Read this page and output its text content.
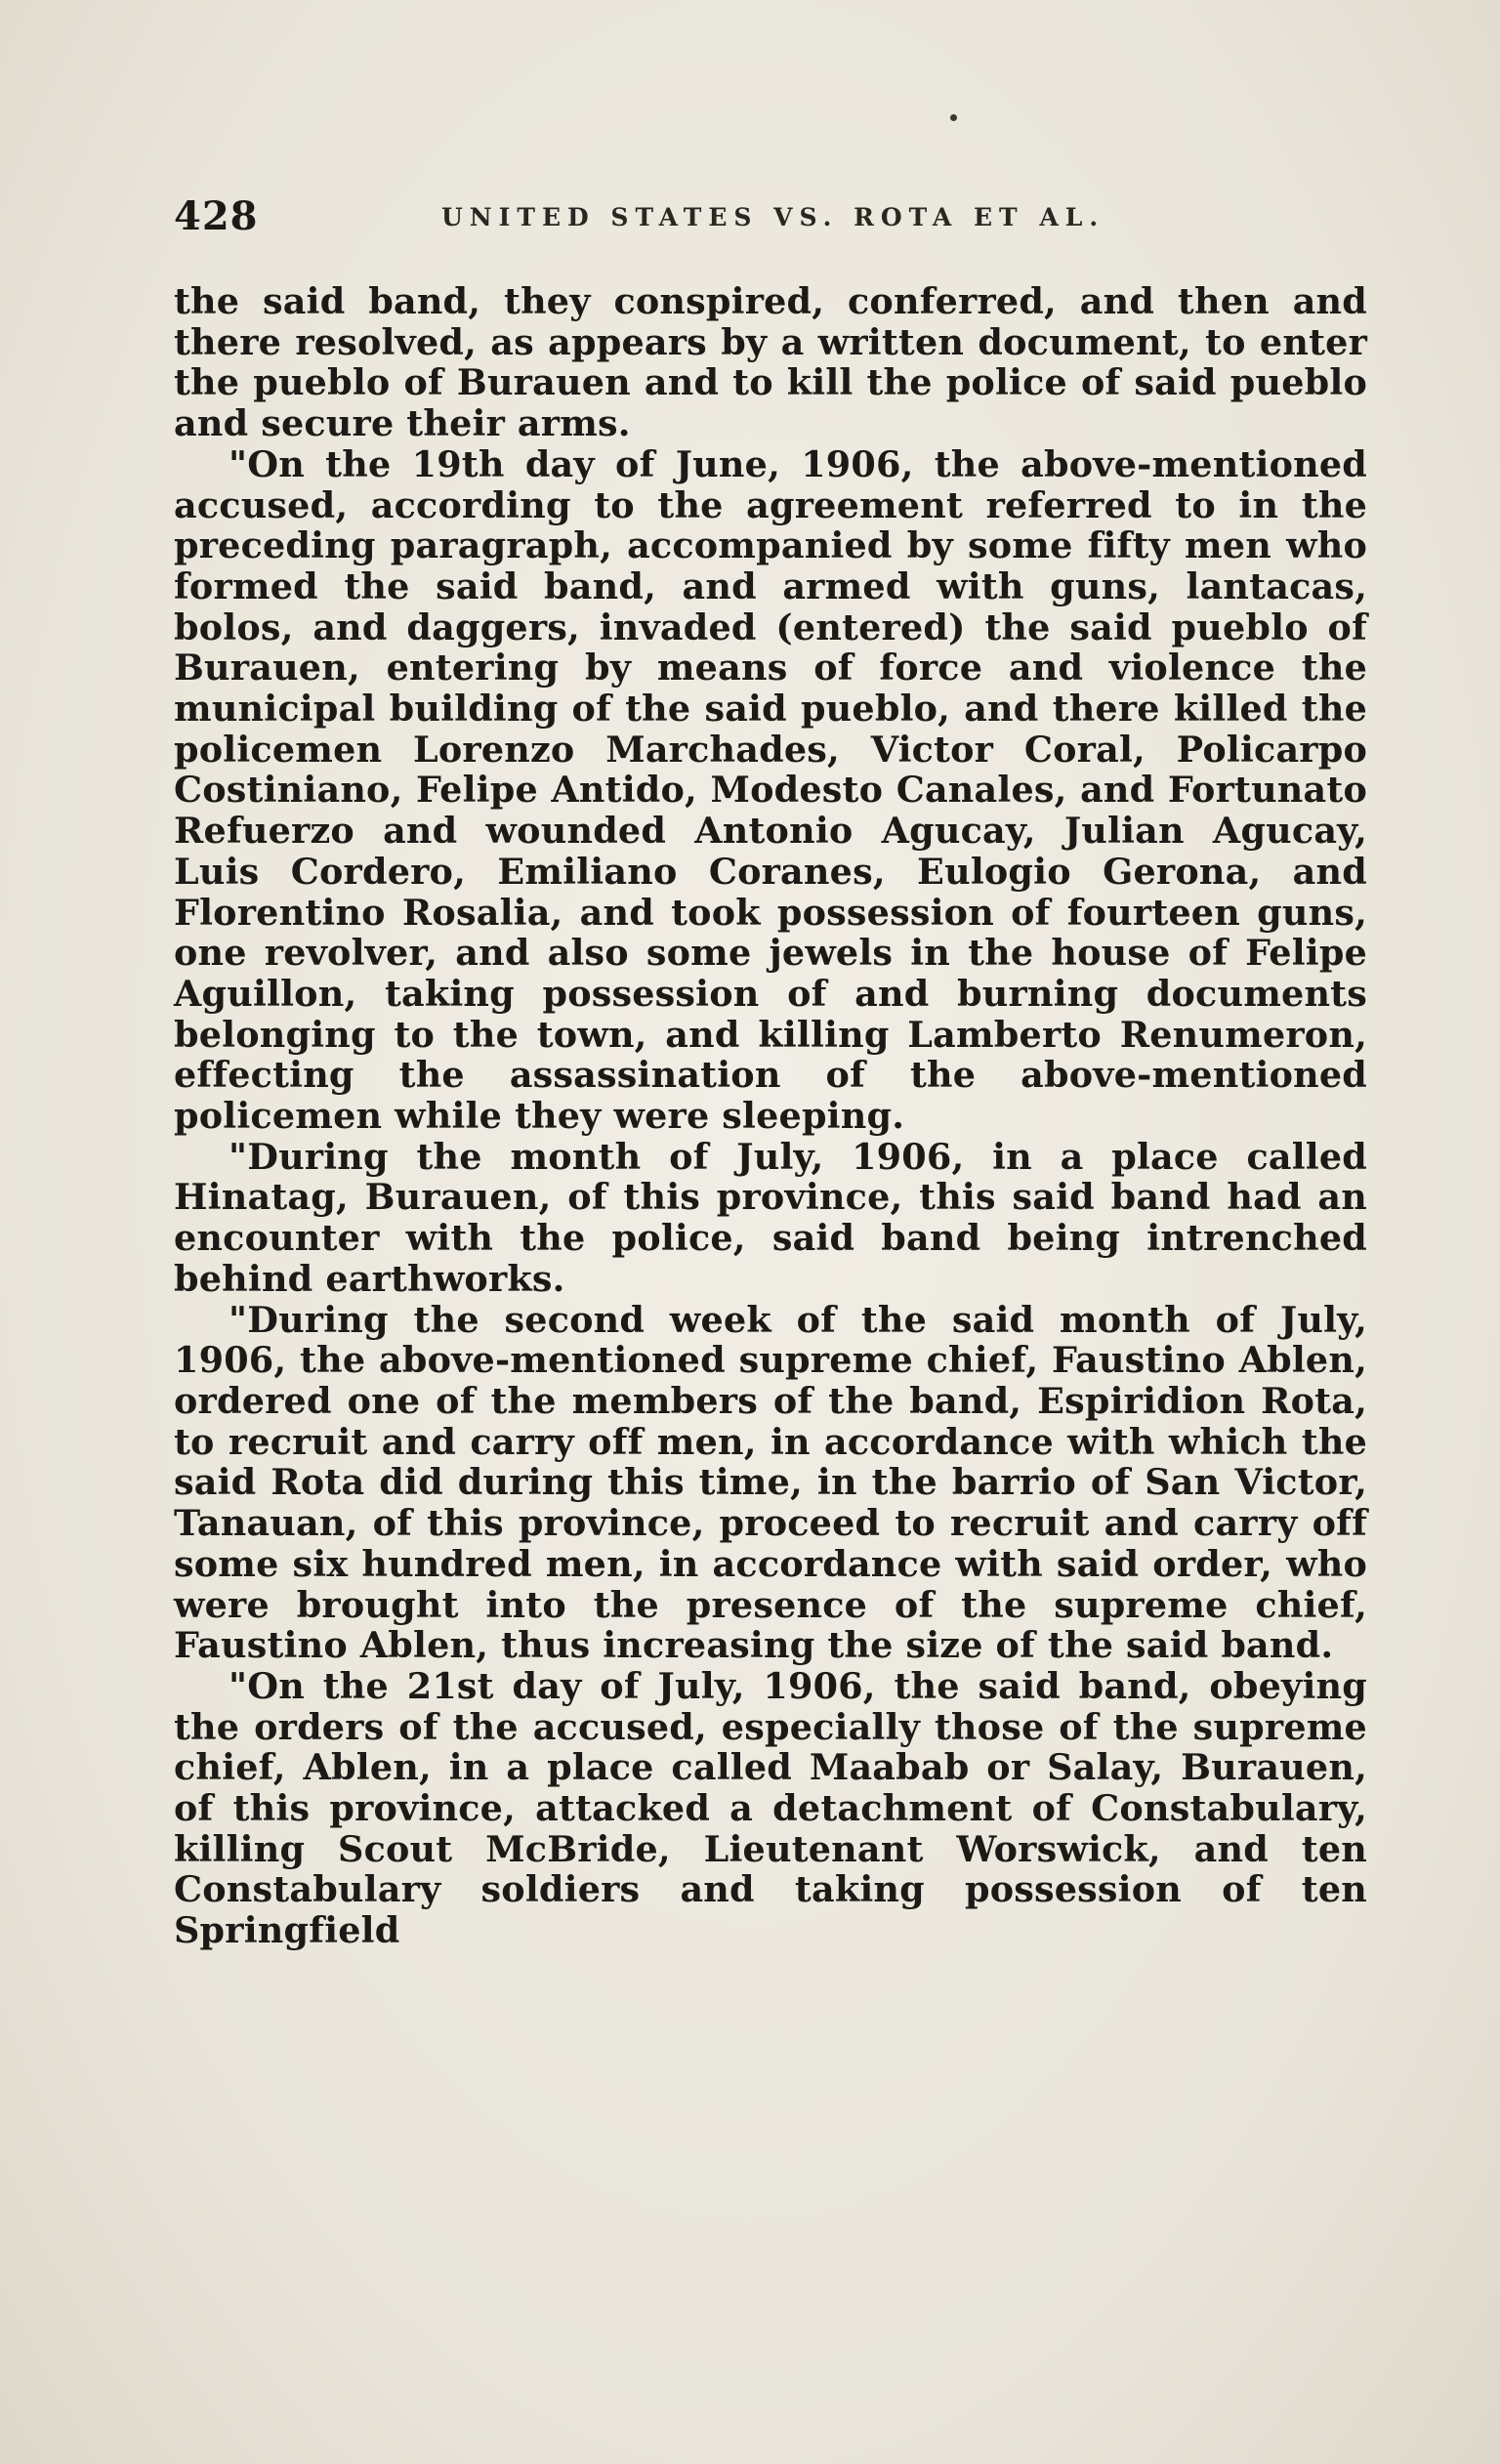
428	UNITED STATES VS. ROTA ET AL.

the said band, they conspired, conferred, and then and there resolved, as appears by a written document, to enter the pueblo of Burauen and to kill the police of said pueblo and secure their arms.

"On the 19th day of June, 1906, the above-mentioned accused, according to the agreement referred to in the preceding paragraph, accompanied by some fifty men who formed the said band, and armed with guns, lantacas, bolos, and daggers, invaded (entered) the said pueblo of Burauen, entering by means of force and violence the municipal building of the said pueblo, and there killed the policemen Lorenzo Marchades, Victor Coral, Policarpo Costiniano, Felipe Antido, Modesto Canales, and Fortunato Refuerzo and wounded Antonio Agucay, Julian Agucay, Luis Cordero, Emiliano Coranes, Eulogio Gerona, and Florentino Rosalia, and took possession of fourteen guns, one revolver, and also some jewels in the house of Felipe Aguillon, taking possession of and burning documents belonging to the town, and killing Lamberto Renumeron, effecting the assassination of the above-mentioned policemen while they were sleeping.

"During the month of July, 1906, in a place called Hinatag, Burauen, of this province, this said band had an encounter with the police, said band being intrenched behind earthworks.

"During the second week of the said month of July, 1906, the above-mentioned supreme chief, Faustino Ablen, ordered one of the members of the band, Espiridion Rota, to recruit and carry off men, in accordance with which the said Rota did during this time, in the barrio of San Victor, Tanauan, of this province, proceed to recruit and carry off some six hundred men, in accordance with said order, who were brought into the presence of the supreme chief, Faustino Ablen, thus increasing the size of the said band.

"On the 21st day of July, 1906, the said band, obeying the orders of the accused, especially those of the supreme chief, Ablen, in a place called Maabab or Salay, Burauen, of this province, attacked a detachment of Constabulary, killing Scout McBride, Lieutenant Worswick, and ten Constabulary soldiers and taking possession of ten Springfield
